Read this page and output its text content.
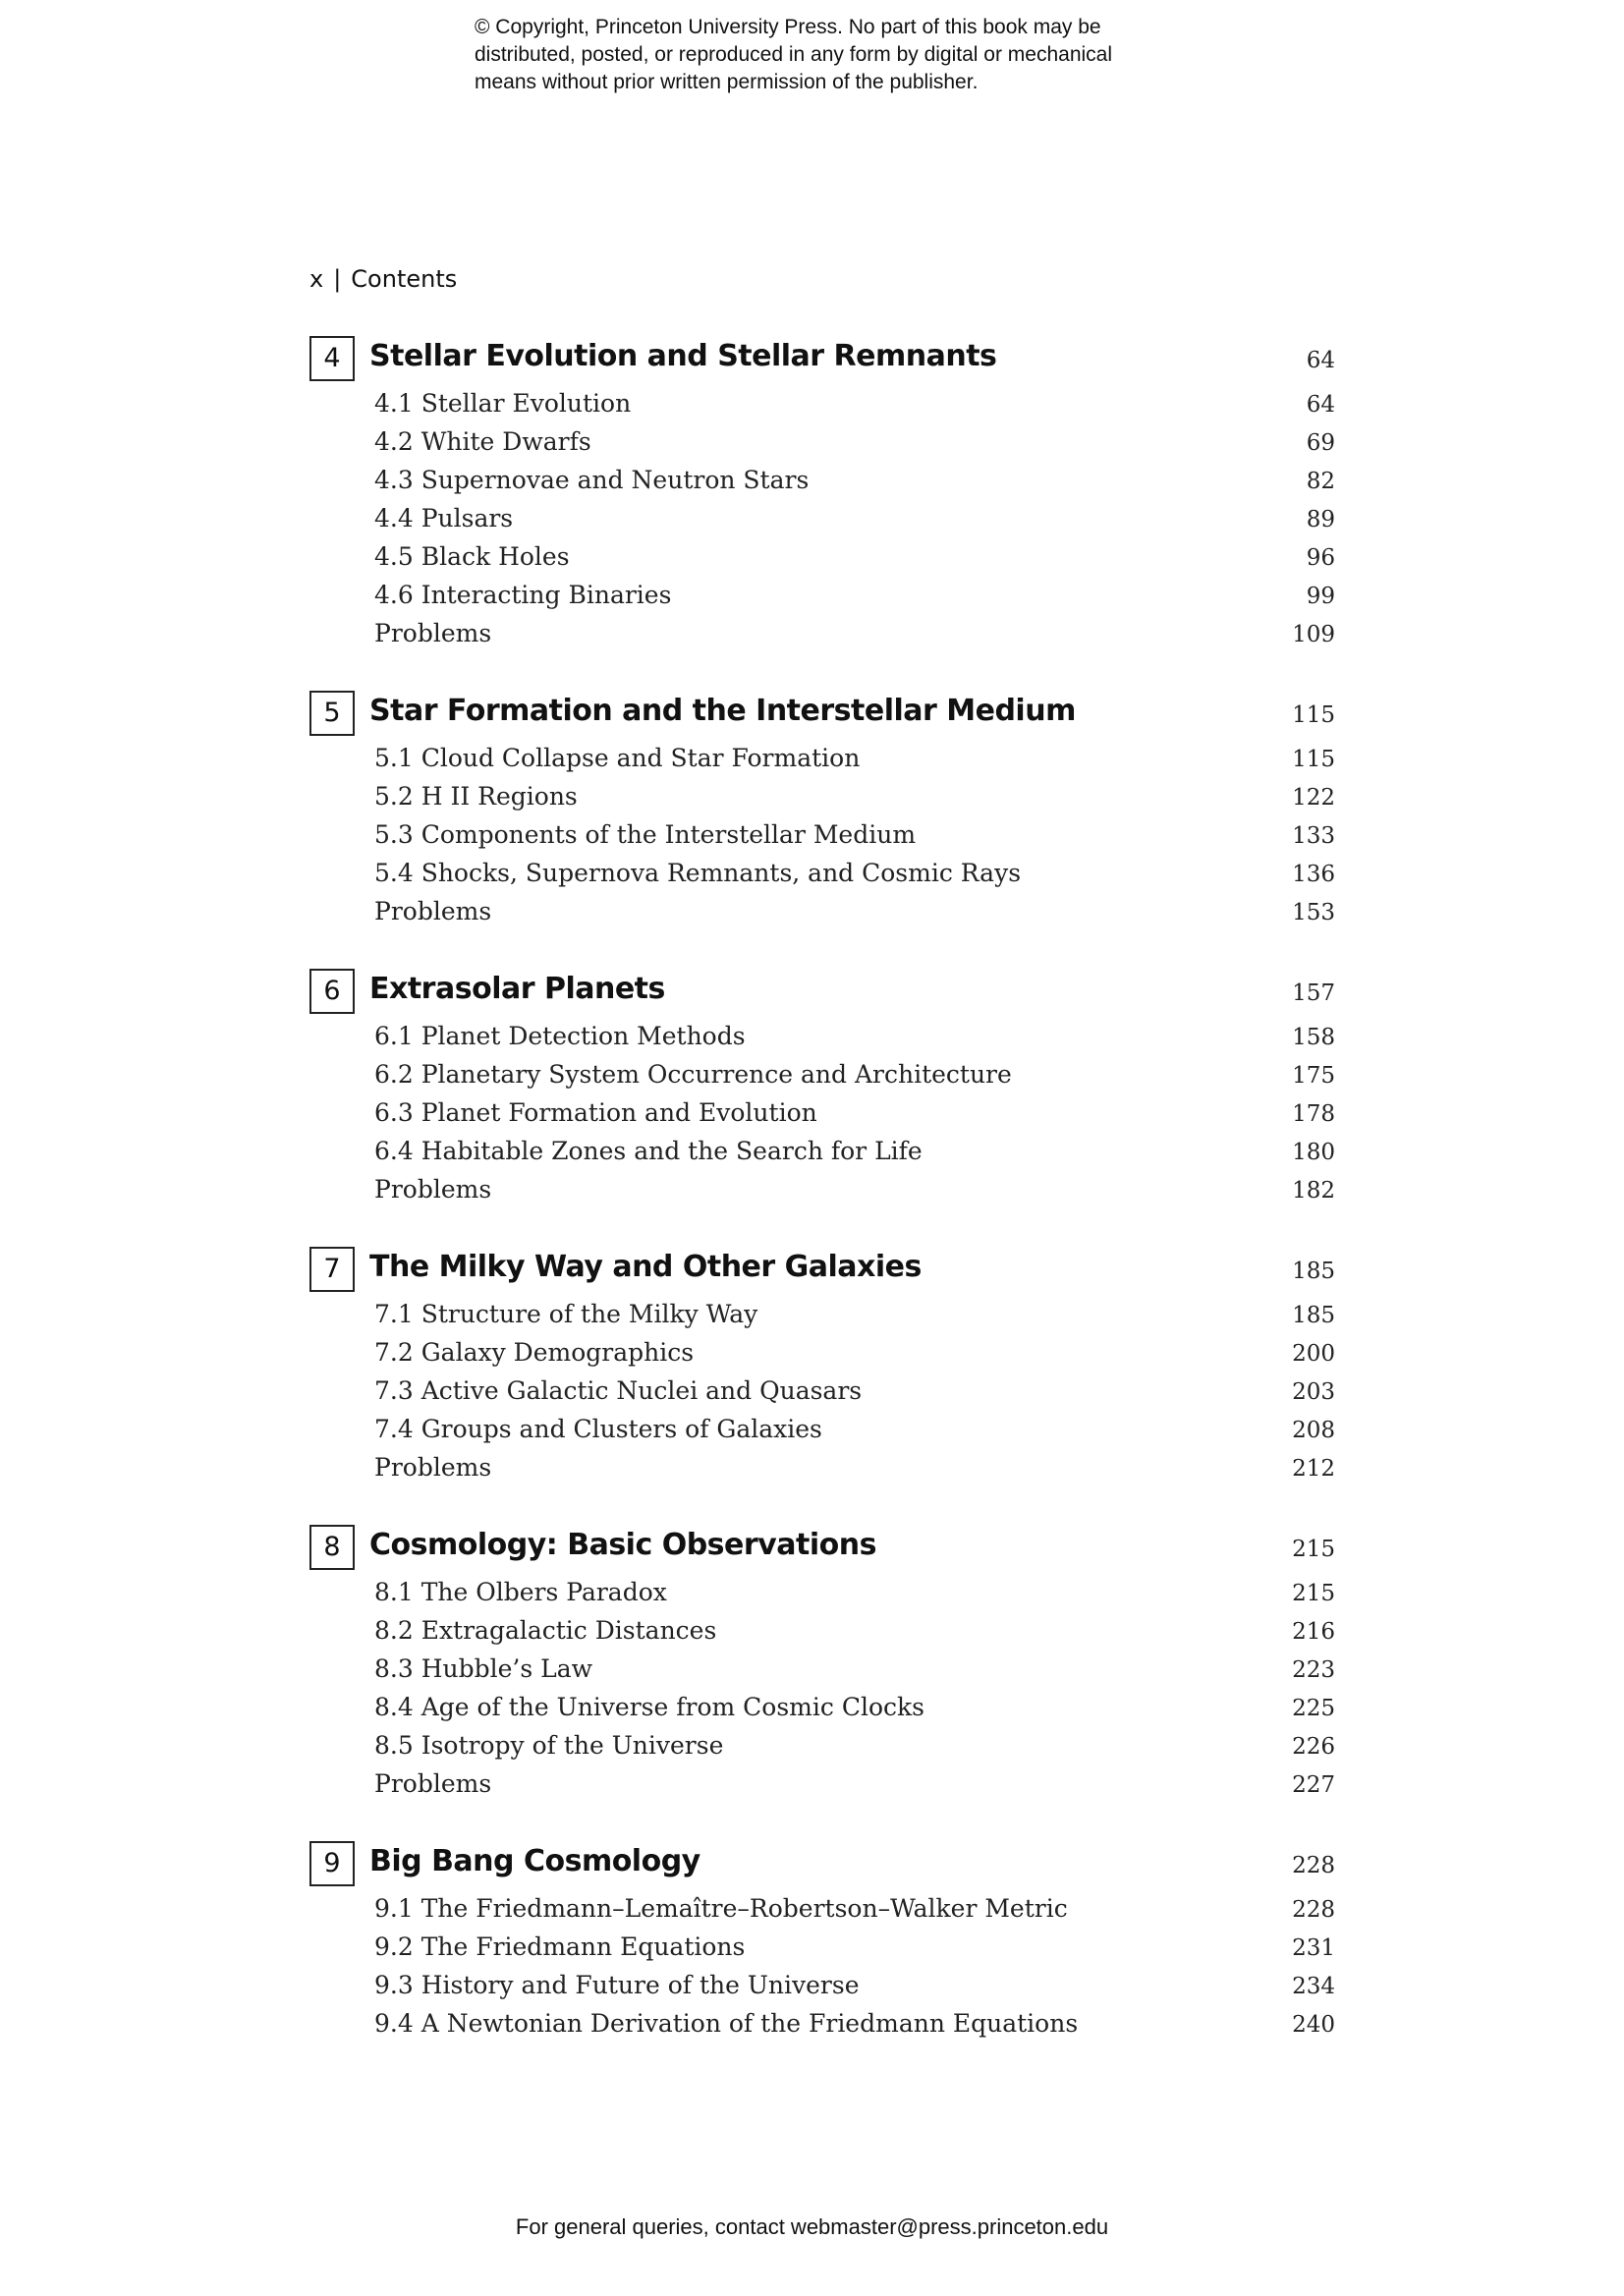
© Copyright, Princeton University Press. No part of this book may be
distributed, posted, or reproduced in any form by digital or mechanical
means without prior written permission of the publisher.
x | Contents
4 Stellar Evolution and Stellar Remnants	64
4.1 Stellar Evolution	64
4.2 White Dwarfs	69
4.3 Supernovae and Neutron Stars	82
4.4 Pulsars	89
4.5 Black Holes	96
4.6 Interacting Binaries	99
Problems	109
5 Star Formation and the Interstellar Medium	115
5.1 Cloud Collapse and Star Formation	115
5.2 H II Regions	122
5.3 Components of the Interstellar Medium	133
5.4 Shocks, Supernova Remnants, and Cosmic Rays	136
Problems	153
6 Extrasolar Planets	157
6.1 Planet Detection Methods	158
6.2 Planetary System Occurrence and Architecture	175
6.3 Planet Formation and Evolution	178
6.4 Habitable Zones and the Search for Life	180
Problems	182
7 The Milky Way and Other Galaxies	185
7.1 Structure of the Milky Way	185
7.2 Galaxy Demographics	200
7.3 Active Galactic Nuclei and Quasars	203
7.4 Groups and Clusters of Galaxies	208
Problems	212
8 Cosmology: Basic Observations	215
8.1 The Olbers Paradox	215
8.2 Extragalactic Distances	216
8.3 Hubble’s Law	223
8.4 Age of the Universe from Cosmic Clocks	225
8.5 Isotropy of the Universe	226
Problems	227
9 Big Bang Cosmology	228
9.1 The Friedmann–Lemaître–Robertson–Walker Metric	228
9.2 The Friedmann Equations	231
9.3 History and Future of the Universe	234
9.4 A Newtonian Derivation of the Friedmann Equations	240
For general queries, contact webmaster@press.princeton.edu
